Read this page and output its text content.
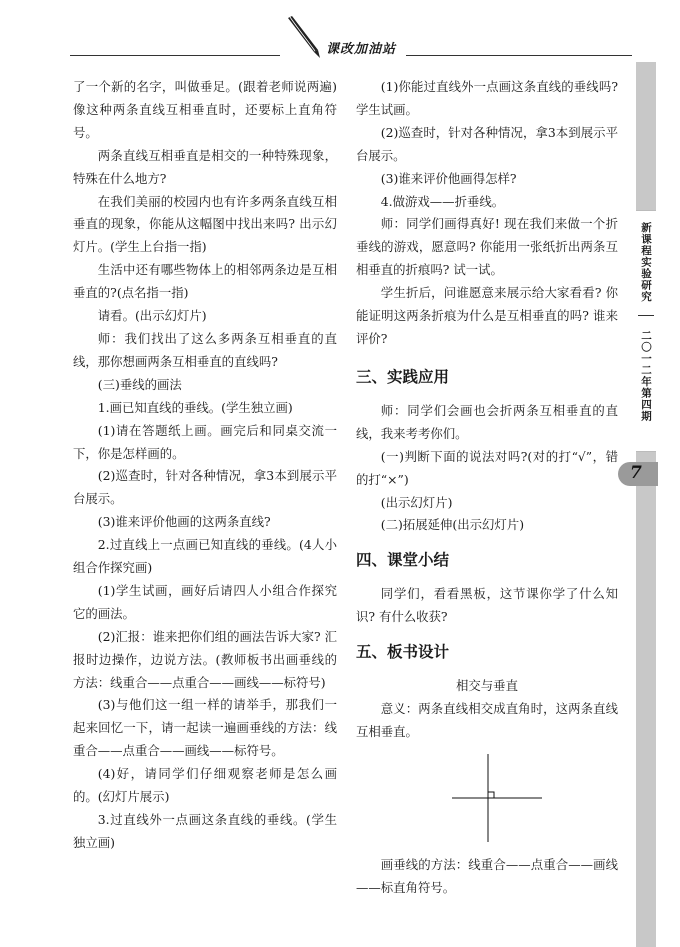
课改加油站

了一个新的名字，叫做垂足。(跟着老师说两遍)像这种两条直线互相垂直时，还要标上直角符号。

两条直线互相垂直是相交的一种特殊现象，特殊在什么地方?

在我们美丽的校园内也有许多两条直线互相垂直的现象，你能从这幅图中找出来吗? 出示幻灯片。(学生上台指一指)

生活中还有哪些物体上的相邻两条边是互相垂直的?(点名指一指)

请看。(出示幻灯片)

师：我们找出了这么多两条互相垂直的直线，那你想画两条互相垂直的直线吗?

(三)垂线的画法

1.画已知直线的垂线。(学生独立画)

(1)请在答题纸上画。画完后和同桌交流一下，你是怎样画的。

(2)巡查时，针对各种情况，拿3本到展示平台展示。

(3)谁来评价他画的这两条直线?

2.过直线上一点画已知直线的垂线。(4人小组合作探究画)

(1)学生试画，画好后请四人小组合作探究它的画法。

(2)汇报：谁来把你们组的画法告诉大家? 汇报时边操作，边说方法。(教师板书出画垂线的方法：线重合——点重合——画线——标符号)

(3)与他们这一组一样的请举手，那我们一起来回忆一下，请一起读一遍画垂线的方法：线重合——点重合——画线——标符号。

(4)好，请同学们仔细观察老师是怎么画的。(幻灯片展示)

3.过直线外一点画这条直线的垂线。(学生独立画)

(1)你能过直线外一点画这条直线的垂线吗? 学生试画。

(2)巡查时，针对各种情况，拿3本到展示平台展示。

(3)谁来评价他画得怎样?

4.做游戏——折垂线。

师：同学们画得真好! 现在我们来做一个折垂线的游戏，愿意吗? 你能用一张纸折出两条互相垂直的折痕吗? 试一试。

学生折后，问谁愿意来展示给大家看看? 你能证明这两条折痕为什么是互相垂直的吗? 谁来评价?

三、实践应用

师：同学们会画也会折两条互相垂直的直线，我来考考你们。

(一)判断下面的说法对吗?(对的打“√”，错的打“×”)

(出示幻灯片)

(二)拓展延伸(出示幻灯片)

四、课堂小结

同学们，看看黑板，这节课你学了什么知识? 有什么收获?

五、板书设计

相交与垂直

意义：两条直线相交成直角时，这两条直线互相垂直。

画垂线的方法：线重合——点重合——画线——标直角符号。

新课程实验研究
二〇一二年第四期
7
